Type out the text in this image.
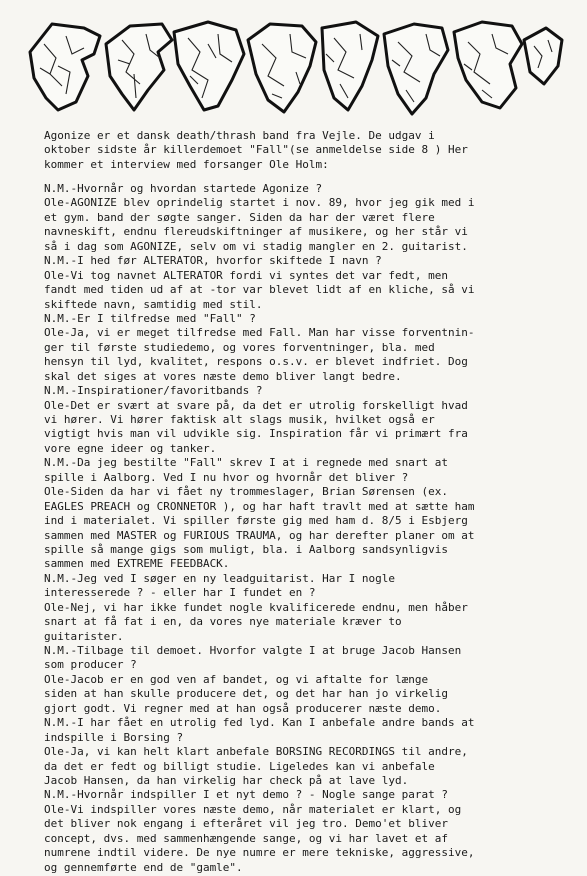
Agonize er et dansk death/thrash band fra Vejle. De udgav i
oktober sidste år killerdemoet "Fall"(se anmeldelse side 8 ) Her
kommer et interview med forsanger Ole Holm:
N.M.-Hvornår og hvordan startede Agonize ?
Ole-AGONIZE blev oprindelig startet i nov. 89, hvor jeg gik med i
et gym. band der søgte sanger. Siden da har der været flere
navneskift, endnu flereudskiftninger af musikere, og her står vi
så i dag som AGONIZE, selv om vi stadig mangler en 2. guitarist.
N.M.-I hed før ALTERATOR, hvorfor skiftede I navn ?
Ole-Vi tog navnet ALTERATOR fordi vi syntes det var fedt, men
fandt med tiden ud af at -tor var blevet lidt af en kliche, så vi
skiftede navn, samtidig med stil.
N.M.-Er I tilfredse med "Fall" ?
Ole-Ja, vi er meget tilfredse med Fall. Man har visse forventnin-
ger til første studiedemo, og vores forventninger, bla. med
hensyn til lyd, kvalitet, respons o.s.v. er blevet indfriet. Dog
skal det siges at vores næste demo bliver langt bedre.
N.M.-Inspirationer/favoritbands ?
Ole-Det er svært at svare på, da det er utrolig forskelligt hvad
vi hører. Vi hører faktisk alt slags musik, hvilket også er
vigtigt hvis man vil udvikle sig. Inspiration får vi primært fra
vore egne ideer og tanker.
N.M.-Da jeg bestilte "Fall" skrev I at i regnede med snart at
spille i Aalborg. Ved I nu hvor og hvornår det bliver ?
Ole-Siden da har vi fået ny trommeslager, Brian Sørensen (ex.
EAGLES PREACH og CRONNETOR ), og har haft travlt med at sætte ham
ind i materialet. Vi spiller første gig med ham d. 8/5 i Esbjerg
sammen med MASTER og FURIOUS TRAUMA, og har derefter planer om at
spille så mange gigs som muligt, bla. i Aalborg sandsynligvis
sammen med EXTREME FEEDBACK.
N.M.-Jeg ved I søger en ny leadguitarist. Har I nogle
interesserede ? - eller har I fundet en ?
Ole-Nej, vi har ikke fundet nogle kvalificerede endnu, men håber
snart at få fat i en, da vores nye materiale kræver to
guitarister.
N.M.-Tilbage til demoet. Hvorfor valgte I at bruge Jacob Hansen
som producer ?
Ole-Jacob er en god ven af bandet, og vi aftalte for længe
siden at han skulle producere det, og det har han jo virkelig
gjort godt. Vi regner med at han også producerer næste demo.
N.M.-I har fået en utrolig fed lyd. Kan I anbefale andre bands at
indspille i Borsing ?
Ole-Ja, vi kan helt klart anbefale BORSING RECORDINGS til andre,
da det er fedt og billigt studie. Ligeledes kan vi anbefale
Jacob Hansen, da han virkelig har check på at lave lyd.
N.M.-Hvornår indspiller I et nyt demo ? - Nogle sange parat ?
Ole-Vi indspiller vores næste demo, når materialet er klart, og
det bliver nok engang i efteråret vil jeg tro. Demo'et bliver
concept, dvs. med sammenhængende sange, og vi har lavet et af
numrene indtil videre. De nye numre er mere tekniske, aggressive,
og gennemførte end de "gamle".
